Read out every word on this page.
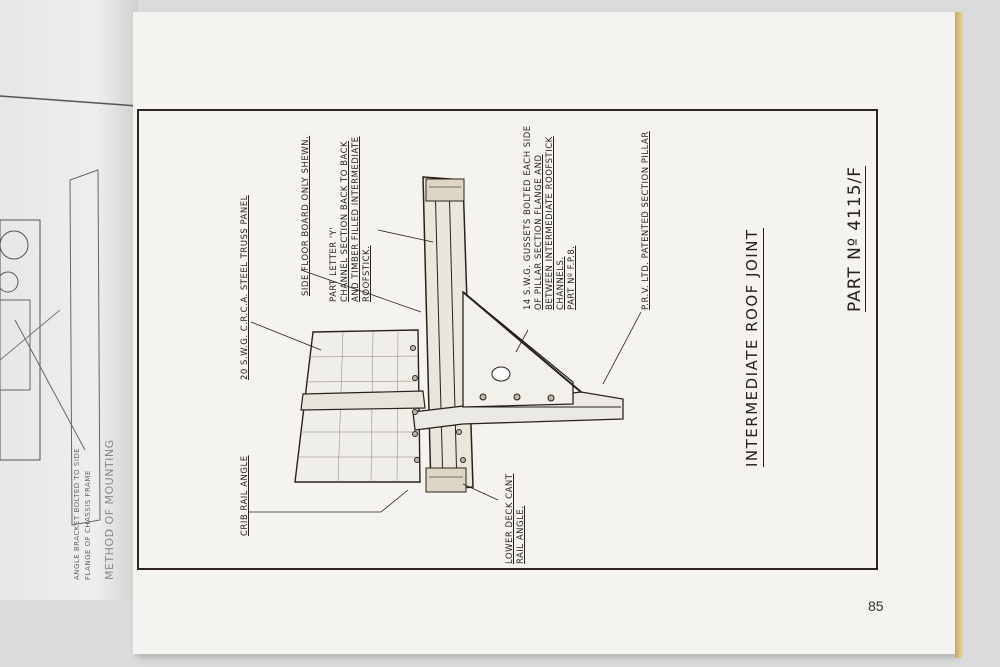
ANGLE BRACKET BOLTED TO SIDE FLANGE OF CHASSIS FRAME METHOD OF MOUNTING
20 S.W.G. C.R.C.A. STEEL TRUSS PANEL	SIDE FLOOR BOARD ONLY SHEWN. PART LETTER 'Y' CHANNEL SECTION BACK TO BACK AND TIMBER FILLED INTERMEDIATE ROOFSTICK.	14 S.W.G. GUSSETS BOLTED EACH SIDE OF PILLAR SECTION FLANGE AND BETWEEN INTERMEDIATE ROOFSTICK CHANNELS. PART Nº F.P.8.	P.R.V. LTD. PATENTED SECTION PILLAR
CRIB RAIL ANGLE	LOWER DECK CANT RAIL ANGLE.
INTERMEDIATE ROOF JOINT	PART Nº 4115/F
85
